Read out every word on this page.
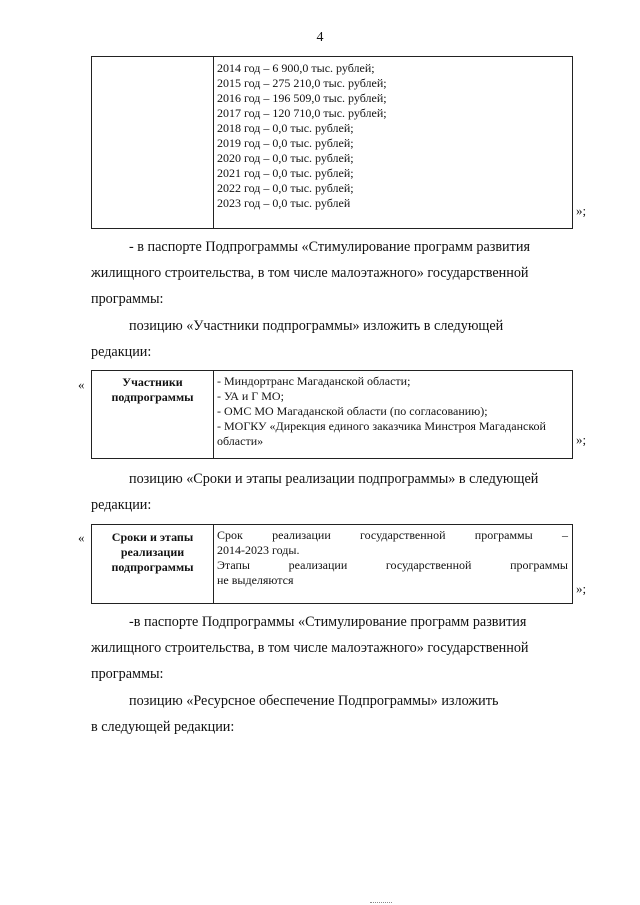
4

2014 год – 6 900,0 тыс. рублей;
2015 год – 275 210,0 тыс. рублей;
2016 год – 196 509,0 тыс. рублей;
2017 год – 120 710,0 тыс. рублей;
2018 год – 0,0 тыс. рублей;
2019 год – 0,0 тыс. рублей;
2020 год – 0,0 тыс. рублей;
2021 год – 0,0 тыс. рублей;
2022 год – 0,0 тыс. рублей;
2023 год – 0,0 тыс. рублей	»;
- в паспорте Подпрограммы «Стимулирование программ развития
жилищного строительства, в том числе малоэтажного» государственной
программы:
позицию «Участники подпрограммы» изложить в следующей
редакции:
«	Участники
подпрограммы

- Миндортранс Магаданской области;
- УА и Г МО;
- ОМС МО Магаданской области (по согласованию);
- МОГКУ «Дирекция единого заказчика Минстроя Магаданской
области»	»;
позицию «Сроки и этапы реализации подпрограммы» в следующей
редакции:
«	Сроки и этапы
реализации
подпрограммы

Срок реализации государственной программы –
2014-2023 годы.
Этапы	реализации	государственной	программы
не выделяются
»;
-в паспорте Подпрограммы «Стимулирование программ развития
жилищного строительства, в том числе малоэтажного» государственной
программы:
позицию «Ресурсное обеспечение Подпрограммы» изложить
в следующей редакции:
